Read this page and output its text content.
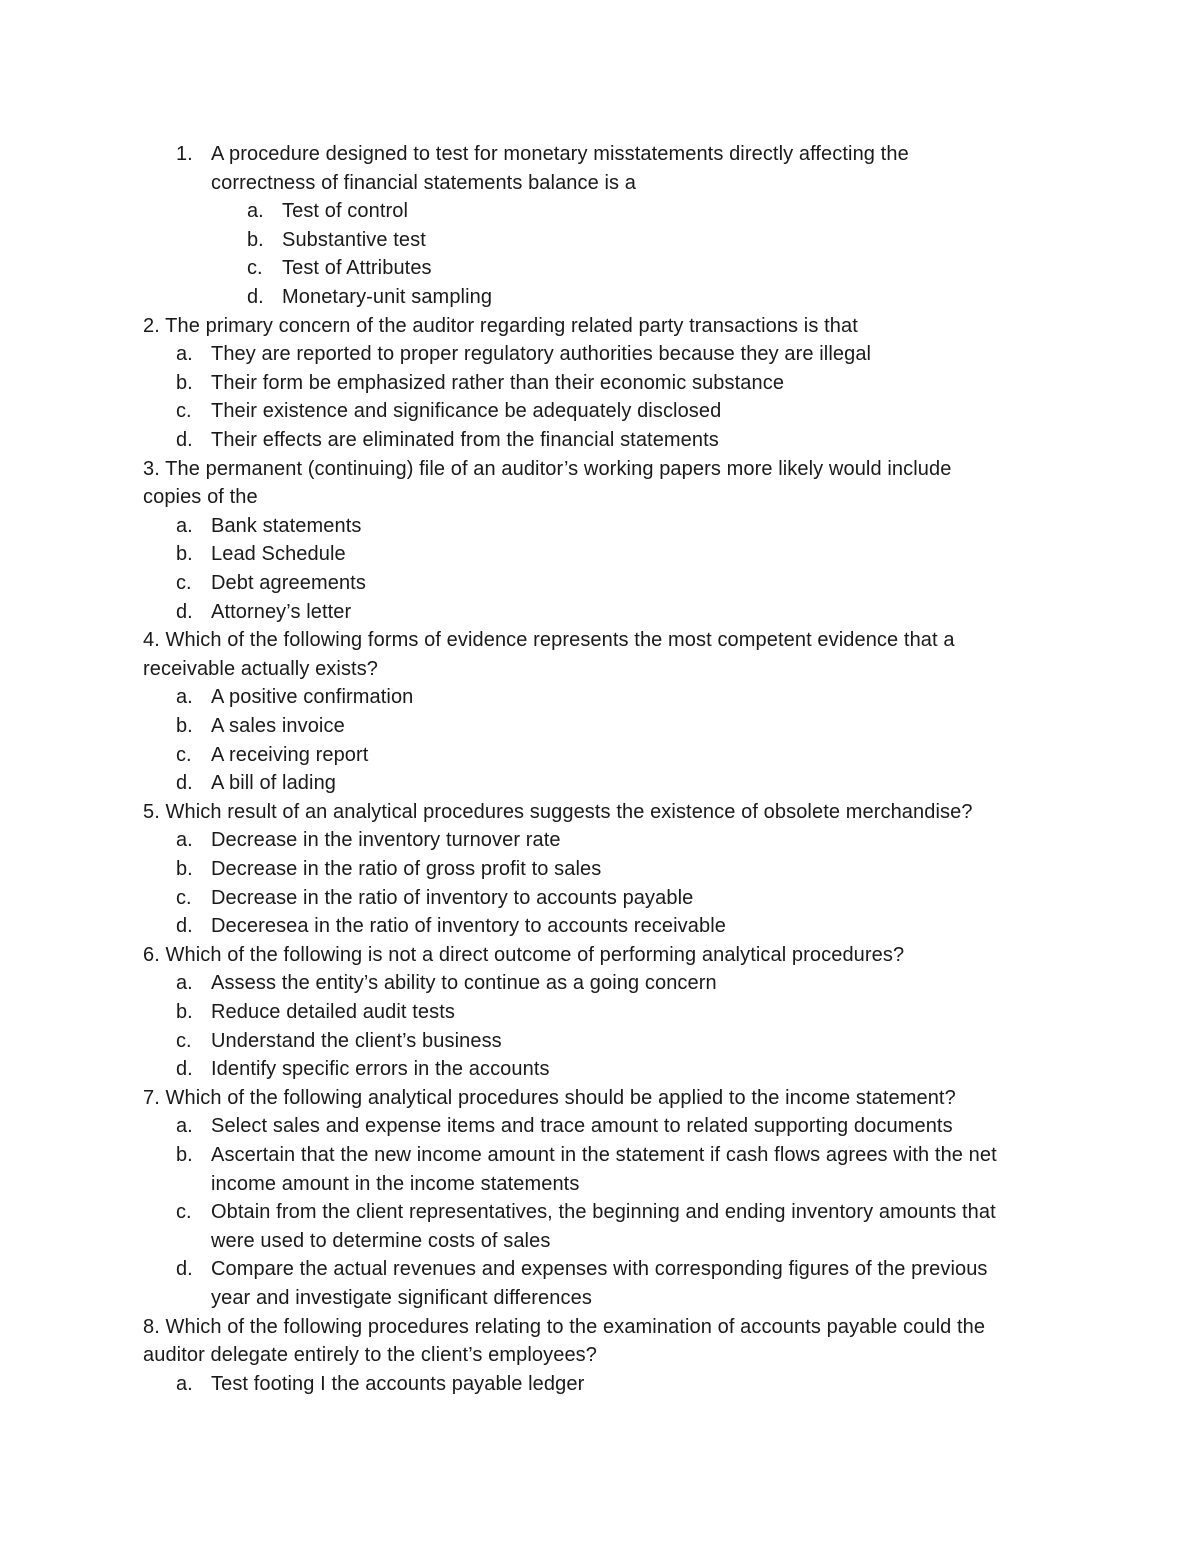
1. A procedure designed to test for monetary misstatements directly affecting the
correctness of financial statements balance is a
a. Test of control
b. Substantive test
c. Test of Attributes
d. Monetary-unit sampling
2. The primary concern of the auditor regarding related party transactions is that
a. They are reported to proper regulatory authorities because they are illegal
b. Their form be emphasized rather than their economic substance
c. Their existence and significance be adequately disclosed
d. Their effects are eliminated from the financial statements
3. The permanent (continuing) file of an auditor’s working papers more likely would include
copies of the
a. Bank statements
b. Lead Schedule
c. Debt agreements
d. Attorney’s letter
4. Which of the following forms of evidence represents the most competent evidence that a
receivable actually exists?
a. A positive confirmation
b. A sales invoice
c. A receiving report
d. A bill of lading
5. Which result of an analytical procedures suggests the existence of obsolete merchandise?
a. Decrease in the inventory turnover rate
b. Decrease in the ratio of gross profit to sales
c. Decrease in the ratio of inventory to accounts payable
d. Deceresea in the ratio of inventory to accounts receivable
6. Which of the following is not a direct outcome of performing analytical procedures?
a. Assess the entity’s ability to continue as a going concern
b. Reduce detailed audit tests
c. Understand the client’s business
d. Identify specific errors in the accounts
7. Which of the following analytical procedures should be applied to the income statement?
a. Select sales and expense items and trace amount to related supporting documents
b. Ascertain that the new income amount in the statement if cash flows agrees with the net
income amount in the income statements
c. Obtain from the client representatives, the beginning and ending inventory amounts that
were used to determine costs of sales
d. Compare the actual revenues and expenses with corresponding figures of the previous
year and investigate significant differences
8. Which of the following procedures relating to the examination of accounts payable could the
auditor delegate entirely to the client’s employees?
a. Test footing I the accounts payable ledger
